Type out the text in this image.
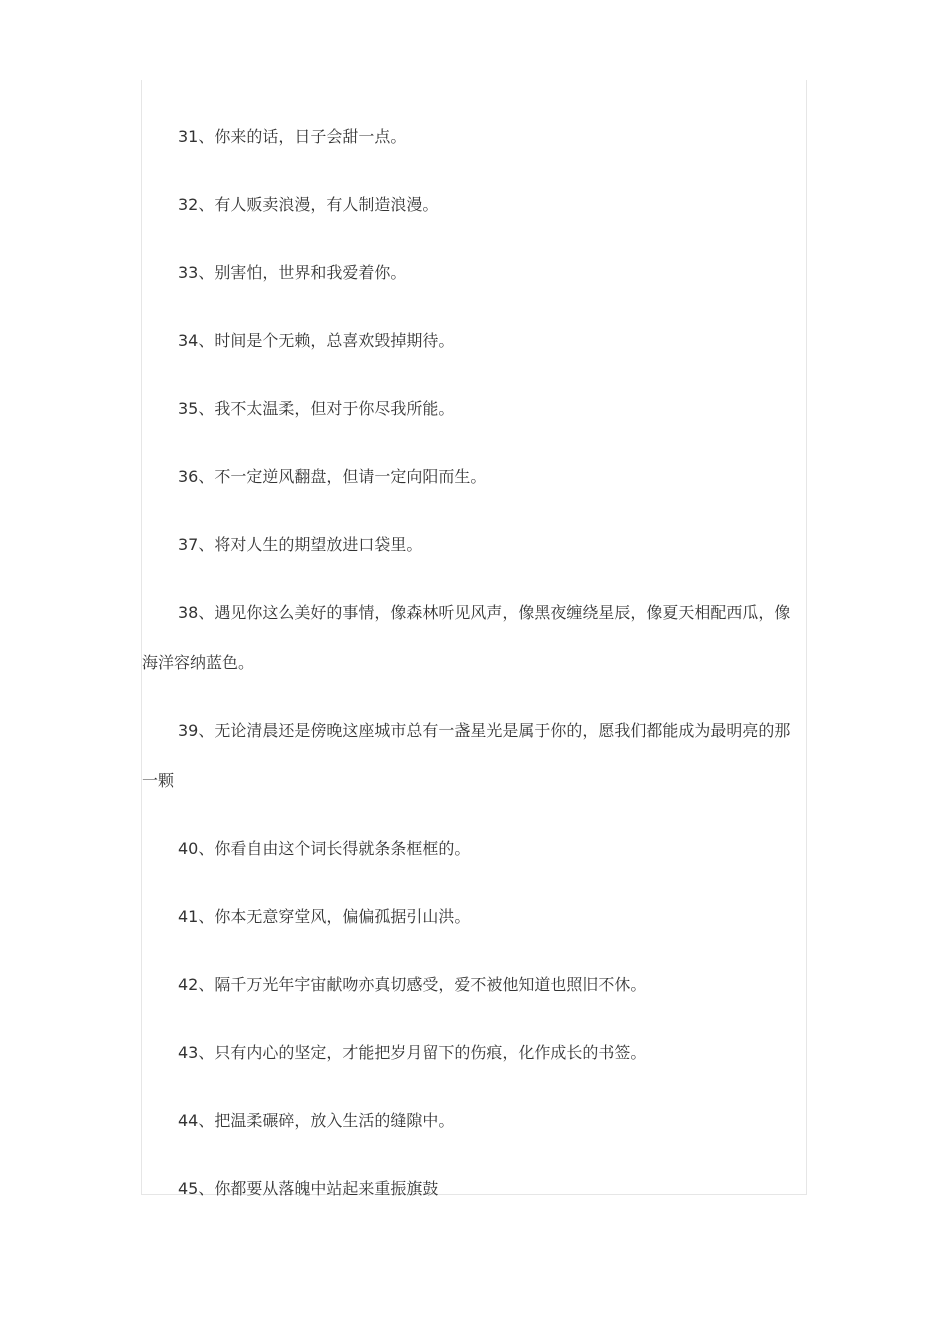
31、你来的话，日子会甜一点。

32、有人贩卖浪漫，有人制造浪漫。

33、别害怕，世界和我爱着你。

34、时间是个无赖，总喜欢毁掉期待。

35、我不太温柔，但对于你尽我所能。

36、不一定逆风翻盘，但请一定向阳而生。

37、将对人生的期望放进口袋里。

38、遇见你这么美好的事情，像森林听见风声，像黑夜缠绕星辰，像夏天相配西瓜，像海洋容纳蓝色。

39、无论清晨还是傍晚这座城市总有一盏星光是属于你的，愿我们都能成为最明亮的那一颗

40、你看自由这个词长得就条条框框的。

41、你本无意穿堂风，偏偏孤据引山洪。

42、隔千万光年宇宙献吻亦真切感受，爱不被他知道也照旧不休。

43、只有内心的坚定，才能把岁月留下的伤痕，化作成长的书签。

44、把温柔碾碎，放入生活的缝隙中。

45、你都要从落魄中站起来重振旗鼓
